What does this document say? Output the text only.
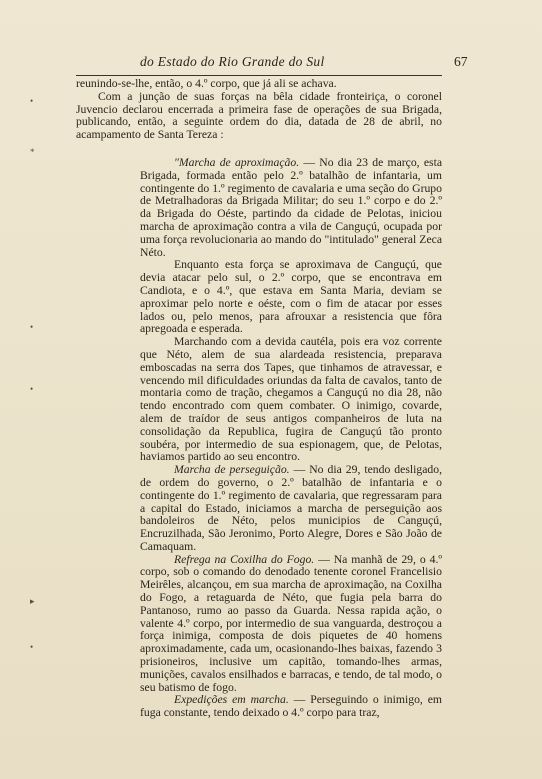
do Estado do Rio Grande do Sul	67
•
*
•
•
▸
•

reunindo-se-lhe, então, o 4.º corpo, que já ali se achava.

Com a junção de suas forças na bêla cidade fronteiriça, o coronel Juvencio declarou encerrada a primeira fase de operações de sua Brigada, publicando, então, a seguinte ordem do dia, datada de 28 de abril, no acampamento de Santa Tereza :

"Marcha de aproximação. — No dia 23 de março, esta Brigada, formada então pelo 2.º batalhão de infantaria, um contingente do 1.º regimento de cavalaria e uma seção do Grupo de Metralhadoras da Brigada Militar; do seu 1.º corpo e do 2.º da Brigada do Oéste, partindo da cidade de Pelotas, iniciou marcha de aproximação contra a vila de Canguçú, ocupada por uma força revolucionaria ao mando do "intitulado" general Zeca Néto.

Enquanto esta força se aproximava de Canguçú, que devia atacar pelo sul, o 2.º corpo, que se encontrava em Candiota, e o 4.º, que estava em Santa Maria, deviam se aproximar pelo norte e oéste, com o fim de atacar por esses lados ou, pelo menos, para afrouxar a resistencia que fôra apregoada e esperada.

Marchando com a devida cautéla, pois era voz corrente que Néto, alem de sua alardeada resistencia, preparava emboscadas na serra dos Tapes, que tinhamos de atravessar, e vencendo mil dificuldades oriundas da falta de cavalos, tanto de montaria como de tração, chegamos a Canguçú no dia 28, não tendo encontrado com quem combater. O inimigo, covarde, alem de traídor de seus antigos companheiros de luta na consolidação da Republica, fugira de Canguçú tão pronto soubéra, por intermedio de sua espionagem, que, de Pelotas, haviamos partido ao seu encontro.

Marcha de perseguição. — No dia 29, tendo desligado, de ordem do governo, o 2.º batalhão de infantaria e o contingente do 1.º regimento de cavalaria, que regressaram para a capital do Estado, iniciamos a marcha de perseguição aos bandoleiros de Néto, pelos municipios de Canguçú, Encruzilhada, São Jeronimo, Porto Alegre, Dores e São João de Camaquam.

Refrega na Coxilha do Fogo. — Na manhã de 29, o 4.º corpo, sob o comando do denodado tenente coronel Francelisio Meirêles, alcançou, em sua marcha de aproximação, na Coxilha do Fogo, a retaguarda de Néto, que fugia pela barra do Pantanoso, rumo ao passo da Guarda. Nessa rapida ação, o valente 4.º corpo, por intermedio de sua vanguarda, destroçou a força inimiga, composta de dois piquetes de 40 homens aproximadamente, cada um, ocasionando-lhes baixas, fazendo 3 prisioneiros, inclusive um capitão, tomando-lhes armas, munições, cavalos ensilhados e barracas, e tendo, de tal modo, o seu batismo de fogo.

Expedições em marcha. — Perseguindo o inimigo, em fuga constante, tendo deixado o 4.º corpo para traz,
